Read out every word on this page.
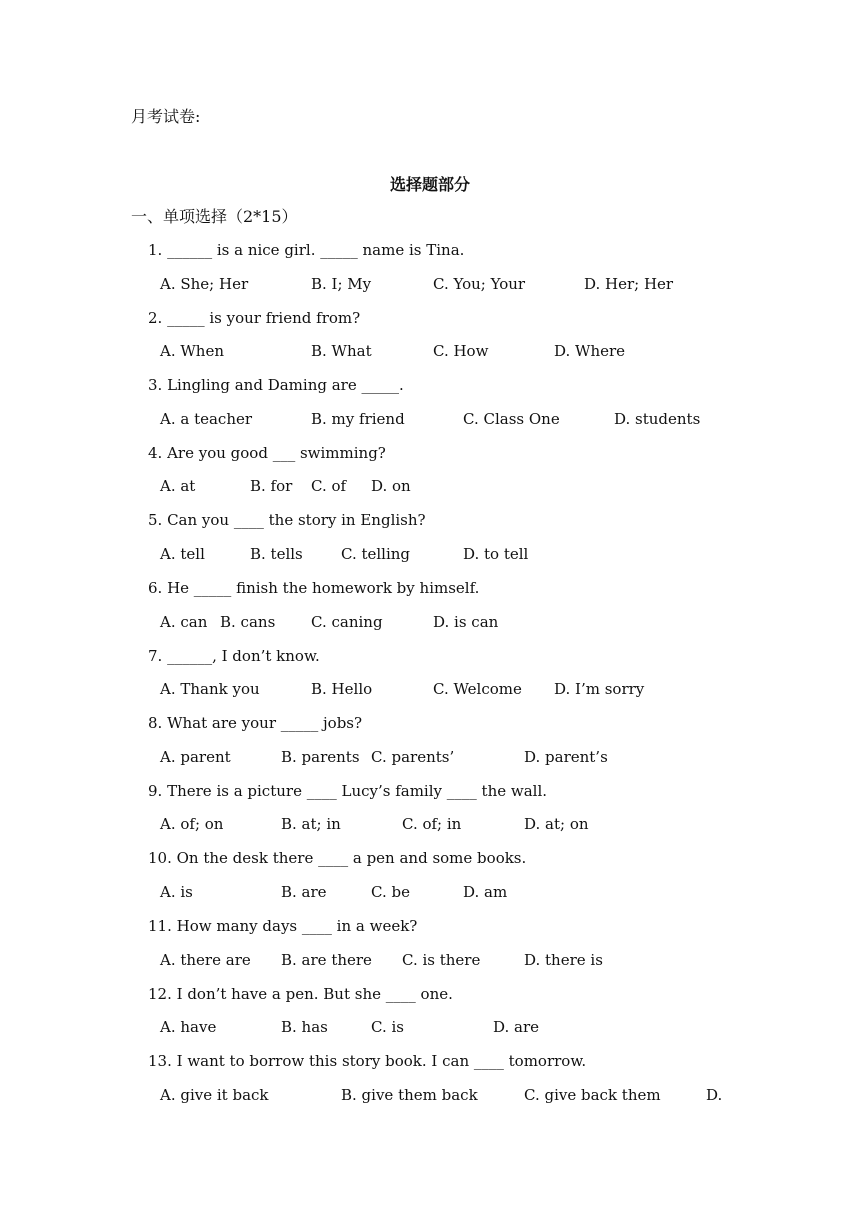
月考试卷:
选择题部分
一、单项选择（2*15）
1. ______ is a nice girl. _____ name is Tina.
A. She; Her	B. I; My	C. You; Your	D. Her; Her
2. _____ is your friend from?
A. When	B. What	C. How	D. Where
3. Lingling and Daming are _____.
A. a teacher	B. my friend	C. Class One	D. students
4. Are you good ___ swimming?
A. at	B. for C. of D. on
5. Can you ____ the story in English?
A. tell	B. tells	C. telling	D. to tell
6. He _____ finish the homework by himself.
A. can B. cans C. caning	D. is can
7. ______, I don’t know.
A. Thank you	B. Hello	C. Welcome D. I’m sorry
8. What are your _____ jobs?
A. parent	B. parents C. parents’	D. parent’s
9. There is a picture ____ Lucy’s family ____ the wall.
A. of; on	B. at; in	C. of; in	D. at; on
10. On the desk there ____ a pen and some books.
A. is	B. are	C. be	D. am
11. How many days ____ in a week?
A. there are B. are there C. is there	D. there is
12. I don’t have a pen. But she ____ one.
A. have	B. has	C. is	D. are
13. I want to borrow this story book. I can ____ tomorrow.
A. give it back	B. give them back	C. give back them	D.
